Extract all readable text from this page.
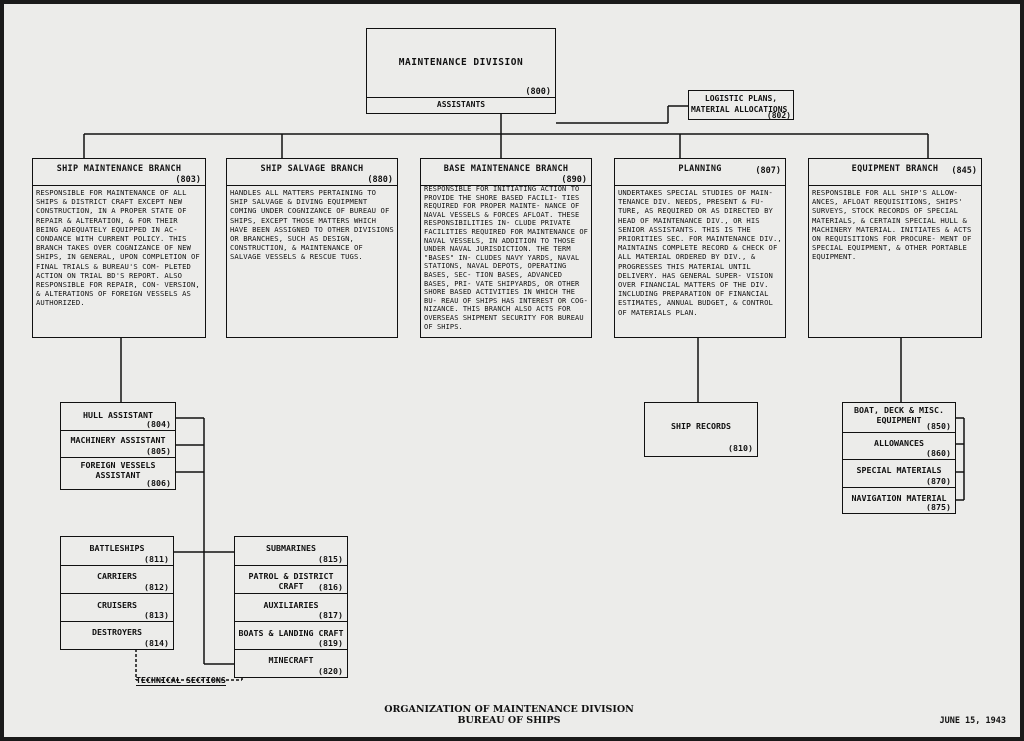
MAINTENANCE DIVISION
(800)
ASSISTANTS
LOGISTIC PLANS,
MATERIAL ALLOCATIONS
(802)
SHIP MAINTENANCE BRANCH
(803)
RESPONSIBLE FOR MAINTENANCE OF ALL SHIPS & DISTRICT CRAFT EXCEPT NEW CONSTRUCTION, IN A PROPER STATE OF REPAIR & ALTERATION, & FOR THEIR BEING ADEQUATELY EQUIPPED IN AC- CONDANCE WITH CURRENT POLICY. THIS BRANCH TAKES OVER COGNIZANCE OF NEW SHIPS, IN GENERAL, UPON COMPLETION OF FINAL TRIALS & BUREAU'S COM- PLETED ACTION ON TRIAL BD'S REPORT. ALSO RESPONSIBLE FOR REPAIR, CON- VERSION, & ALTERATIONS OF FOREIGN VESSELS AS AUTHORIZED.
SHIP SALVAGE BRANCH
(880)
HANDLES ALL MATTERS PERTAINING TO SHIP SALVAGE & DIVING EQUIPMENT COMING UNDER COGNIZANCE OF BUREAU OF SHIPS, EXCEPT THOSE MATTERS WHICH HAVE BEEN ASSIGNED TO OTHER DIVISIONS OR BRANCHES, SUCH AS DESIGN, CONSTRUCTION, & MAINTENANCE OF SALVAGE VESSELS & RESCUE TUGS.
BASE MAINTENANCE BRANCH
(890)
RESPONSIBLE FOR INITIATING ACTION TO PROVIDE THE SHORE BASED FACILI- TIES REQUIRED FOR PROPER MAINTE- NANCE OF NAVAL VESSELS & FORCES AFLOAT. THESE RESPONSIBILITIES IN- CLUDE PRIVATE FACILITIES REQUIRED FOR MAINTENANCE OF NAVAL VESSELS, IN ADDITION TO THOSE UNDER NAVAL JURISDICTION. THE TERM "BASES" IN- CLUDES NAVY YARDS, NAVAL STATIONS, NAVAL DEPOTS, OPERATING BASES, SEC- TION BASES, ADVANCED BASES, PRI- VATE SHIPYARDS, OR OTHER SHORE BASED ACTIVITIES IN WHICH THE BU- REAU OF SHIPS HAS INTEREST OR COG- NIZANCE. THIS BRANCH ALSO ACTS FOR OVERSEAS SHIPMENT SECURITY FOR BUREAU OF SHIPS.
PLANNING	(807)
UNDERTAKES SPECIAL STUDIES OF MAIN- TENANCE DIV. NEEDS, PRESENT & FU- TURE, AS REQUIRED OR AS DIRECTED BY HEAD OF MAINTENANCE DIV., OR HIS SENIOR ASSISTANTS. THIS IS THE PRIORITIES SEC. FOR MAINTENANCE DIV., MAINTAINS COMPLETE RECORD & CHECK OF ALL MATERIAL ORDERED BY DIV., & PROGRESSES THIS MATERIAL UNTIL DELIVERY. HAS GENERAL SUPER- VISION OVER FINANCIAL MATTERS OF THE DIV. INCLUDING PREPARATION OF FINANCIAL ESTIMATES, ANNUAL BUDGET, & CONTROL OF MATERIALS PLAN.
EQUIPMENT BRANCH	(845)
RESPONSIBLE FOR ALL SHIP'S ALLOW- ANCES, AFLOAT REQUISITIONS, SHIPS' SURVEYS, STOCK RECORDS OF SPECIAL MATERIALS, & CERTAIN SPECIAL HULL & MACHINERY MATERIAL. INITIATES & ACTS ON REQUISITIONS FOR PROCURE- MENT OF SPECIAL EQUIPMENT, & OTHER PORTABLE EQUIPMENT.
HULL ASSISTANT
(804)
MACHINERY ASSISTANT
(805)
FOREIGN VESSELS ASSISTANT
(806)
BATTLESHIPS
(811)
CARRIERS
(812)
CRUISERS
(813)
DESTROYERS
(814)
SUBMARINES
(815)
PATROL & DISTRICT CRAFT	(816)
AUXILIARIES
(817)
BOATS & LANDING CRAFT
(819)
MINECRAFT
(820)
TECHNICAL SECTIONS
SHIP RECORDS
(810)
BOAT, DECK & MISC. EQUIPMENT
(850)
ALLOWANCES
(860)
SPECIAL MATERIALS
(870)
NAVIGATION MATERIAL
(875)
ORGANIZATION OF MAINTENANCE DIVISION
BUREAU OF SHIPS	JUNE 15, 1943
